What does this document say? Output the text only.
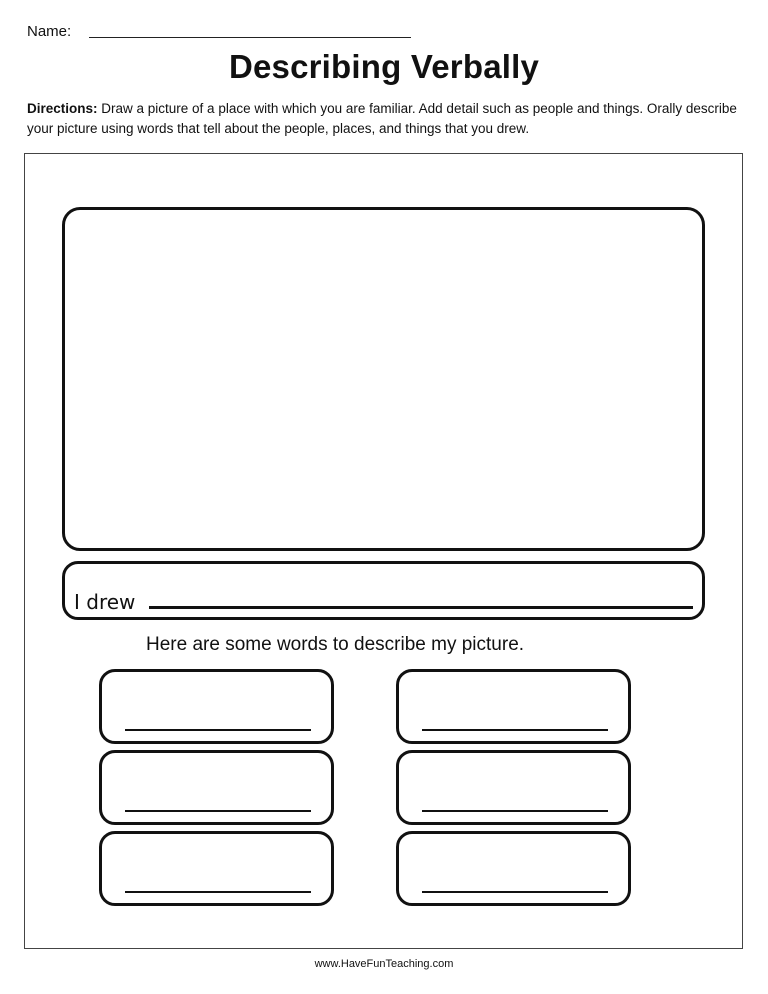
Name:
Describing Verbally
Directions: Draw a picture of a place with which you are familiar. Add detail such as people and things. Orally describe your picture using words that tell about the people, places, and things that you drew.
I drew
Here are some words to describe my picture.
www.HaveFunTeaching.com
